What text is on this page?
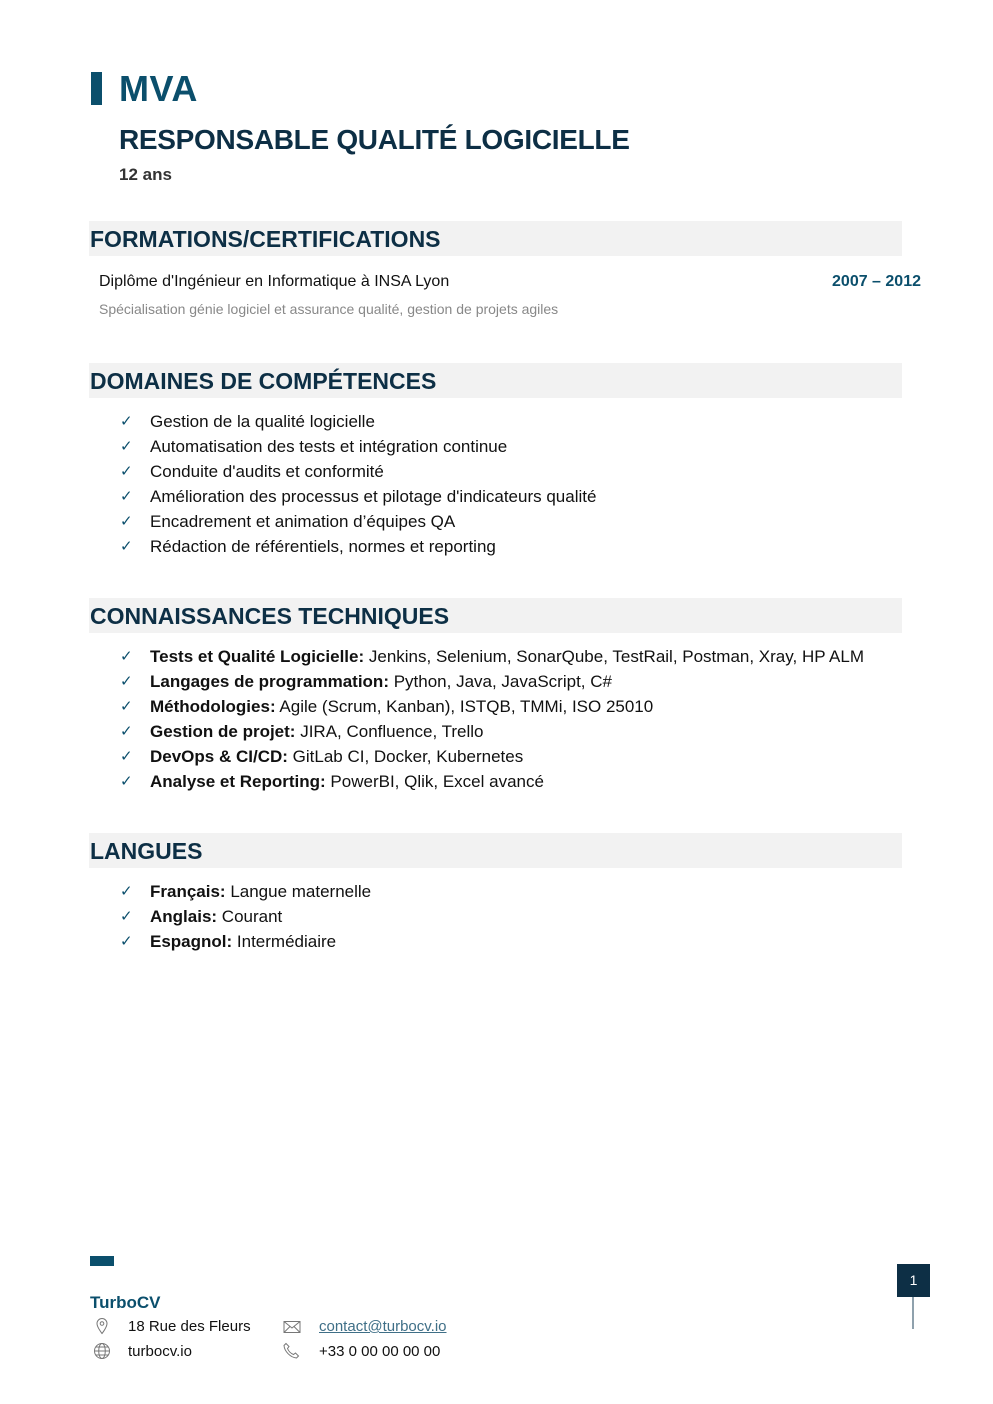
MVA
RESPONSABLE QUALITÉ LOGICIELLE
12 ans
FORMATIONS/CERTIFICATIONS
Diplôme d'Ingénieur en Informatique à INSA Lyon	2007 – 2012
Spécialisation génie logiciel et assurance qualité, gestion de projets agiles
DOMAINES DE COMPÉTENCES
✓ Gestion de la qualité logicielle
✓ Automatisation des tests et intégration continue
✓ Conduite d'audits et conformité
✓ Amélioration des processus et pilotage d'indicateurs qualité
✓ Encadrement et animation d’équipes QA
✓ Rédaction de référentiels, normes et reporting
CONNAISSANCES TECHNIQUES
✓ Tests et Qualité Logicielle: Jenkins, Selenium, SonarQube, TestRail, Postman, Xray, HP ALM
✓ Langages de programmation: Python, Java, JavaScript, C#
✓ Méthodologies: Agile (Scrum, Kanban), ISTQB, TMMi, ISO 25010
✓ Gestion de projet: JIRA, Confluence, Trello
✓ DevOps & CI/CD: GitLab CI, Docker, Kubernetes
✓ Analyse et Reporting: PowerBI, Qlik, Excel avancé
LANGUES
✓ Français: Langue maternelle
✓ Anglais: Courant
✓ Espagnol: Intermédiaire
TurboCV
18 Rue des Fleurs
turbocv.io
contact@turbocv.io
+33 0 00 00 00 00
1
